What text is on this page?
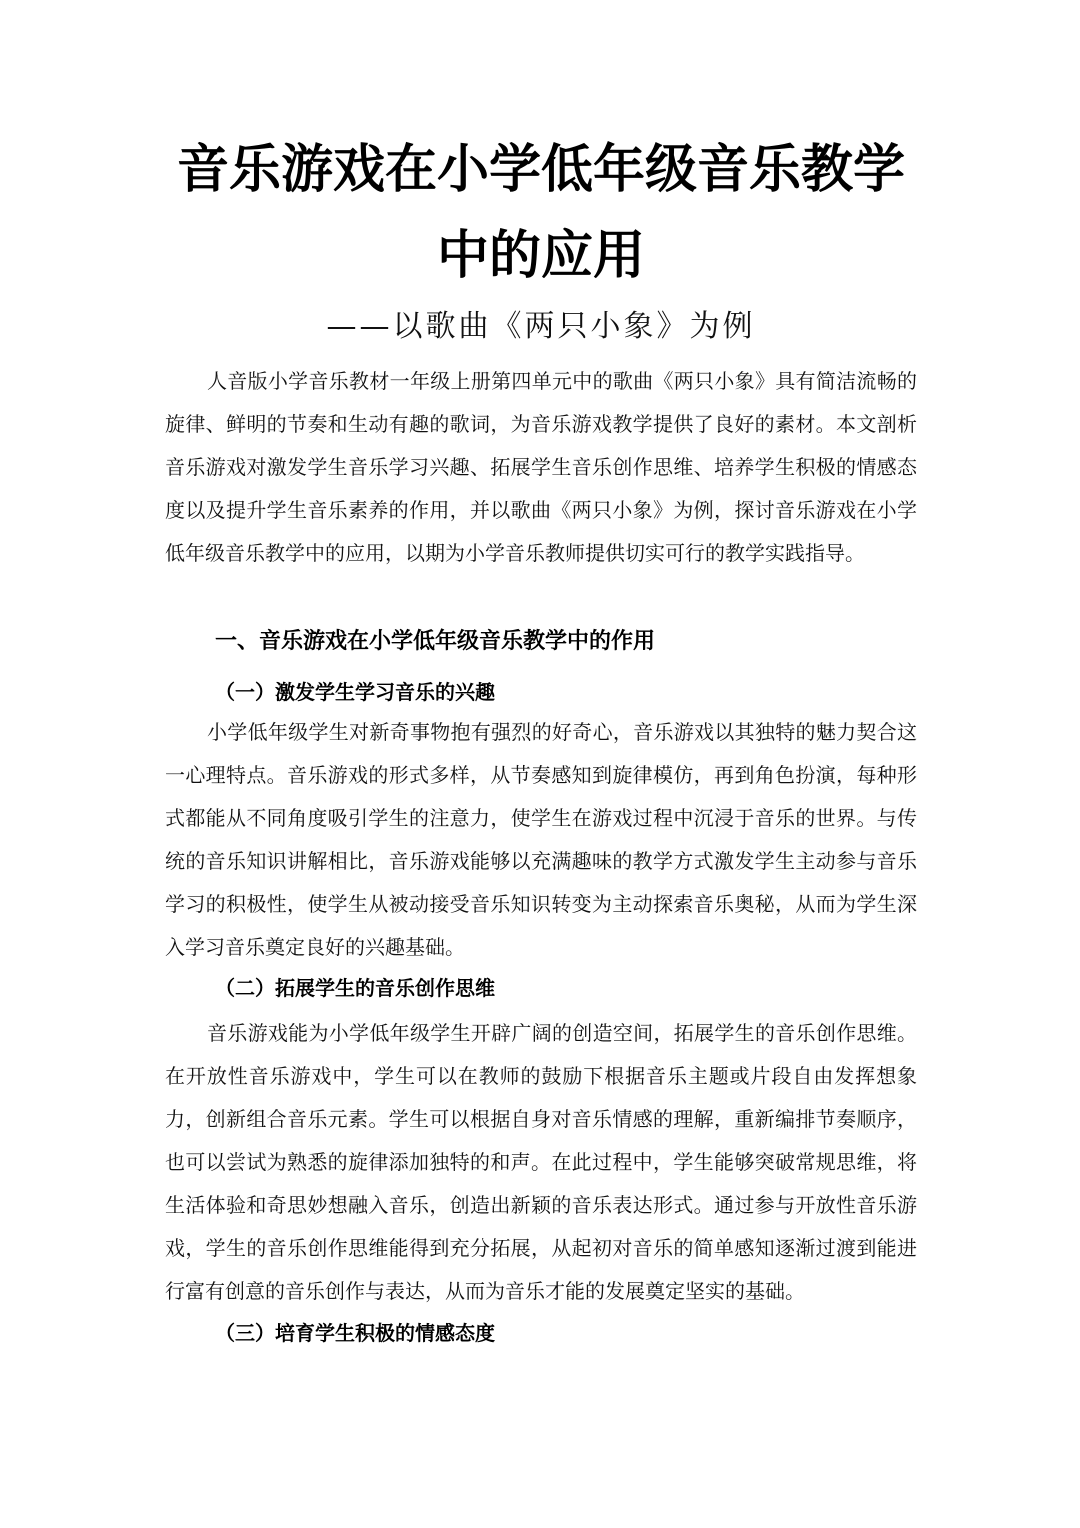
音乐游戏在小学低年级音乐教学
中的应用

——以歌曲《两只小象》为例

人音版小学音乐教材一年级上册第四单元中的歌曲《两只小象》具有简洁流畅的旋律、鲜明的节奏和生动有趣的歌词，为音乐游戏教学提供了良好的素材。本文剖析音乐游戏对激发学生音乐学习兴趣、拓展学生音乐创作思维、培养学生积极的情感态度以及提升学生音乐素养的作用，并以歌曲《两只小象》为例，探讨音乐游戏在小学低年级音乐教学中的应用，以期为小学音乐教师提供切实可行的教学实践指导。

一、音乐游戏在小学低年级音乐教学中的作用
（一）激发学生学习音乐的兴趣

小学低年级学生对新奇事物抱有强烈的好奇心，音乐游戏以其独特的魅力契合这一心理特点。音乐游戏的形式多样，从节奏感知到旋律模仿，再到角色扮演，每种形式都能从不同角度吸引学生的注意力，使学生在游戏过程中沉浸于音乐的世界。与传统的音乐知识讲解相比，音乐游戏能够以充满趣味的教学方式激发学生主动参与音乐学习的积极性，使学生从被动接受音乐知识转变为主动探索音乐奥秘，从而为学生深入学习音乐奠定良好的兴趣基础。

（二）拓展学生的音乐创作思维

音乐游戏能为小学低年级学生开辟广阔的创造空间，拓展学生的音乐创作思维。在开放性音乐游戏中，学生可以在教师的鼓励下根据音乐主题或片段自由发挥想象力，创新组合音乐元素。学生可以根据自身对音乐情感的理解，重新编排节奏顺序，也可以尝试为熟悉的旋律添加独特的和声。在此过程中，学生能够突破常规思维，将生活体验和奇思妙想融入音乐，创造出新颖的音乐表达形式。通过参与开放性音乐游戏，学生的音乐创作思维能得到充分拓展，从起初对音乐的简单感知逐渐过渡到能进行富有创意的音乐创作与表达，从而为音乐才能的发展奠定坚实的基础。

（三）培育学生积极的情感态度
